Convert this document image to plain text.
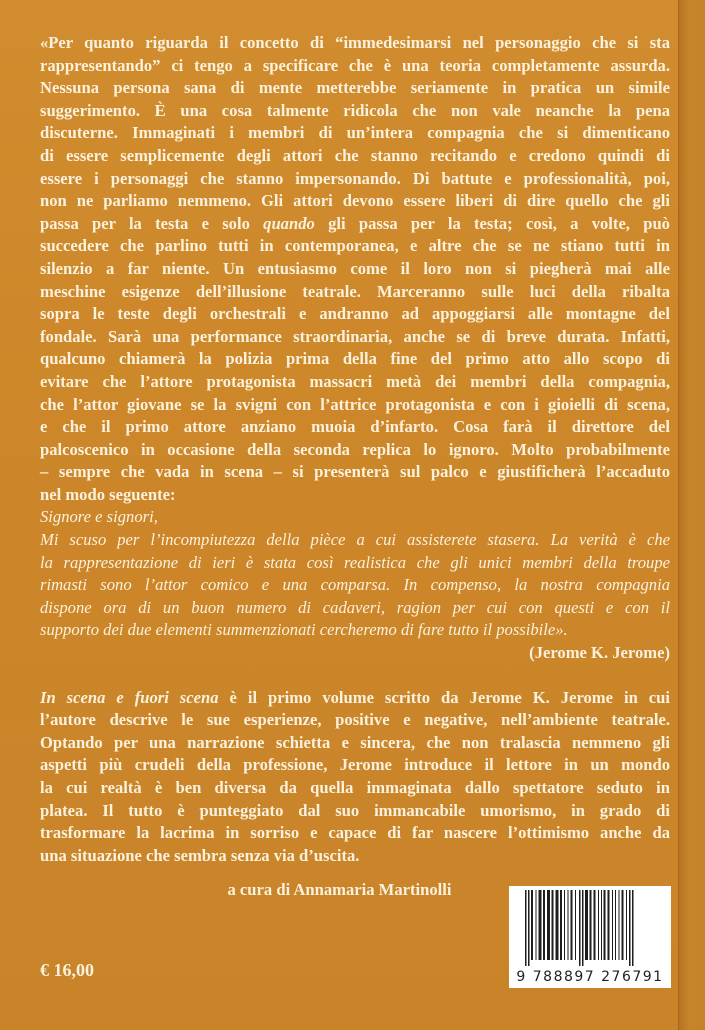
«Per quanto riguarda il concetto di “immedesimarsi nel personaggio che si sta
rappresentando” ci tengo a specificare che è una teoria completamente assurda.
Nessuna persona sana di mente metterebbe seriamente in pratica un simile
suggerimento. È una cosa talmente ridicola che non vale neanche la pena
discuterne. Immaginati i membri di un’intera compagnia che si dimenticano
di essere semplicemente degli attori che stanno recitando e credono quindi di
essere i personaggi che stanno impersonando. Di battute e professionalità, poi,
non ne parliamo nemmeno. Gli attori devono essere liberi di dire quello che gli
passa per la testa e solo quando gli passa per la testa; così, a volte, può
succedere che parlino tutti in contemporanea, e altre che se ne stiano tutti in
silenzio a far niente. Un entusiasmo come il loro non si piegherà mai alle
meschine esigenze dell’illusione teatrale. Marceranno sulle luci della ribalta
sopra le teste degli orchestrali e andranno ad appoggiarsi alle montagne del
fondale. Sarà una performance straordinaria, anche se di breve durata. Infatti,
qualcuno chiamerà la polizia prima della fine del primo atto allo scopo di
evitare che l’attore protagonista massacri metà dei membri della compagnia,
che l’attor giovane se la svigni con l’attrice protagonista e con i gioielli di scena,
e che il primo attore anziano muoia d’infarto. Cosa farà il direttore del
palcoscenico in occasione della seconda replica lo ignoro. Molto probabilmente
– sempre che vada in scena – si presenterà sul palco e giustificherà l’accaduto
nel modo seguente:
Signore e signori,
Mi scuso per l’incompiutezza della pièce a cui assisterete stasera. La verità è che
la rappresentazione di ieri è stata così realistica che gli unici membri della troupe
rimasti sono l’attor comico e una comparsa. In compenso, la nostra compagnia
dispone ora di un buon numero di cadaveri, ragion per cui con questi e con il
supporto dei due elementi summenzionati cercheremo di fare tutto il possibile».
(Jerome K. Jerome)
In scena e fuori scena è il primo volume scritto da Jerome K. Jerome in cui
l’autore descrive le sue esperienze, positive e negative, nell’ambiente teatrale.
Optando per una narrazione schietta e sincera, che non tralascia nemmeno gli
aspetti più crudeli della professione, Jerome introduce il lettore in un mondo
la cui realtà è ben diversa da quella immaginata dallo spettatore seduto in
platea. Il tutto è punteggiato dal suo immancabile umorismo, in grado di
trasformare la lacrima in sorriso e capace di far nascere l’ottimismo anche da
una situazione che sembra senza via d’uscita.
a cura di Annamaria Martinolli
€ 16,00	9 788897 276791
